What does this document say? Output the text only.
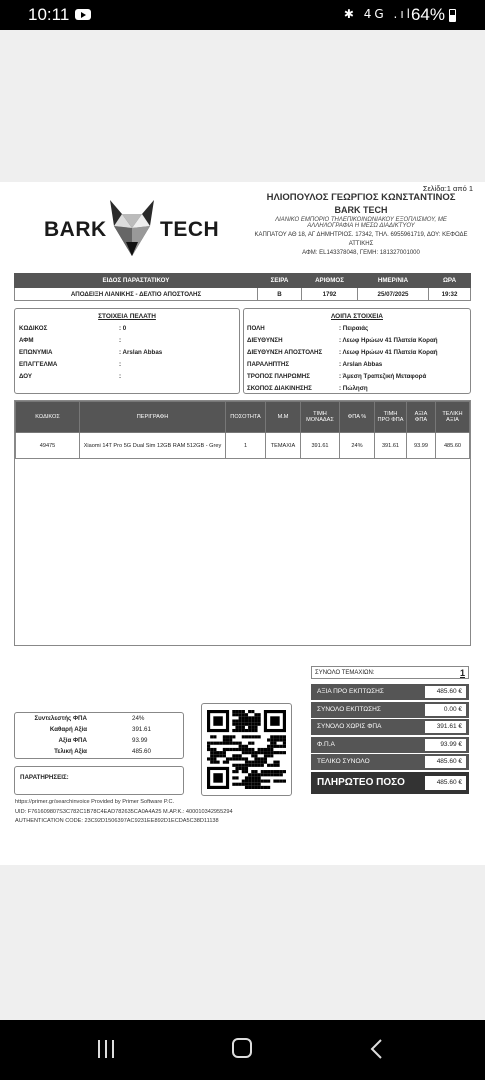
10:11	✱ 4G .ıl
64%
Σελίδα:1 από 1
BARK	TECH
ΗΛΙΟΠΟΥΛΟΣ ΓΕΩΡΓΙΟΣ ΚΩΝΣΤΑΝΤΙΝΟΣ
BARK TECH
ΛΙΑΝΙΚΟ ΕΜΠΟΡΙΟ ΤΗΛΕΠΙΚΟΙΝΩΝΙΑΚΟΥ ΕΞΟΠΛΙΣΜΟΥ, ΜΕ
ΑΛΛΗΛΟΓΡΑΦΙΑ Η ΜΕΣΩ ΔΙΑΔΙΚΤΥΟΥ
ΚΑΠΠΑΤΟΥ ΑΘ 18, ΑΓ ΔΗΜΗΤΡΙΟΣ. 17342, ΤΗΛ. 6955961719, ΔΟΥ: ΚΕΦΟΔΕ ΑΤΤΙΚΗΣ
ΑΦΜ: EL143378048, ΓΕΜΗ: 181327001000
ΕΙΔΟΣ ΠΑΡΑΣΤΑΤΙΚΟΥ	ΣΕΙΡΑ	ΑΡΙΘΜΟΣ	ΗΜΕΡ/ΝΙΑ	ΩΡΑ
ΑΠΟΔΕΙΞΗ ΛΙΑΝΙΚΗΣ - ΔΕΛΤΙΟ ΑΠΟΣΤΟΛΗΣ	B	1792	25/07/2025	19:32
ΣΤΟΙΧΕΙΑ ΠΕΛΑΤΗ
ΚΩΔΙΚΟΣ	: 0
ΑΦΜ	:
ΕΠΩΝΥΜΙΑ	: Arslan Abbas
ΕΠΑΓΓΕΛΜΑ	:
ΔΟΥ	:
ΛΟΙΠΑ ΣΤΟΙΧΕΙΑ
ΠΟΛΗ	: Πειραιάς
ΔΙΕΥΘΥΝΣΗ	: Λεωφ Ηρώων 41 Πλατεία Κοραή
ΔΙΕΥΘΥΝΣΗ ΑΠΟΣΤΟΛΗΣ	: Λεωφ Ηρώων 41 Πλατεία Κοραή
ΠΑΡΑΛΗΠΤΗΣ	: Arslan Abbas
ΤΡΟΠΟΣ ΠΛΗΡΩΜΗΣ	: Άμεση Τραπεζική Μεταφορά
ΣΚΟΠΟΣ ΔΙΑΚΙΝΗΣΗΣ	: Πώληση
ΚΩΔΙΚΟΣ	ΠΕΡΙΓΡΑΦΗ	ΠΟΣΟΤΗΤΑ	Μ.Μ	ΤΙΜΗ ΜΟΝΑΔΑΣ	ΦΠΑ %	ΤΙΜΗ ΠΡΟ ΦΠΑ	ΑΞΙΑ ΦΠΑ	ΤΕΛΙΚΗ ΑΞΙΑ
49475	Xiaomi 14T Pro 5G Dual Sim 12GB RAM 512GB - Grey	1	ΤΕΜΑΧΙΑ	391.61	24%	391.61	93.99	485.60
ΣΥΝΟΛΟ ΤΕΜΑΧΙΩΝ:	1
ΑΞΙΑ ΠΡΟ ΕΚΠΤΩΣΗΣ	485.60 €
ΣΥΝΟΛΟ ΕΚΠΤΩΣΗΣ	0.00 €
ΣΥΝΟΛΟ ΧΩΡΙΣ ΦΠΑ	391.61 €
Φ.Π.Α	93.99 €
ΤΕΛΙΚΟ ΣΥΝΟΛΟ	485.60 €
ΠΛΗΡΩΤΕΟ ΠΟΣΟ	485.60 €
Συντελεστής ΦΠΑ	24%
Καθαρή Αξία	391.61
Αξία ΦΠΑ	93.99
Τελική Αξία	485.60
ΠΑΡΑΤΗΡΗΣΕΙΣ:
https://primer.gr/searchinvoice Provided by Primer Software P.C.
UID: F761609807S3C782C1B78C4EAD782635CA0A4A25 M.AP.K.: 400010342955294
AUTHENTICATION CODE: 23C92D1506397AC9231EE892D1ECDA5C38D11138
